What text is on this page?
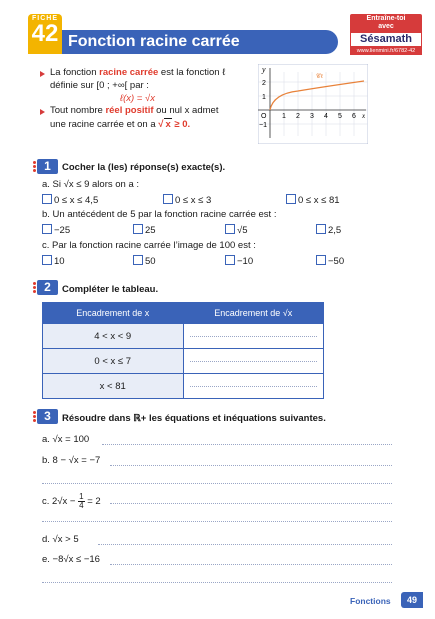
FICHE
42 Fonction racine carrée
Entraîne-toi
avec
Sésamath
www.lienmini.fr/6782-42
La fonction racine carrée est la fonction ℓ
définie sur [0 ; +∞[ par :
ℓ(x) = √x
Tout nombre réel positif ou nul x admet
une racine carrée et on a √ x ≥ 0.
y
𝒞ℓ
O 1 2 3 4 5 6 x
2
1
−1
1	Cocher la (les) réponse(s) exacte(s).
a. Si √x ≤ 9 alors on a :
0 ≤ x ≤ 4,5	0 ≤ x ≤ 3	0 ≤ x ≤ 81
b. Un antécédent de 5 par la fonction racine carrée est :
−25	25	√5	2,5
c. Par la fonction racine carrée l’image de 100 est :
10	50	−10	−50
2	Compléter le tableau.
Encadrement de x	Encadrement de √x
4 < x < 9	

0 < x ≤ 7	

x < 81	
3	Résoudre dans ℝ+ les équations et inéquations suivantes.
a. √x = 100
b. 8 − √x = −7
c. $2√x - \frac{1}{4} = 2$
d. √x > 5
e. −8√x ≤ −16
Fonctions	49
